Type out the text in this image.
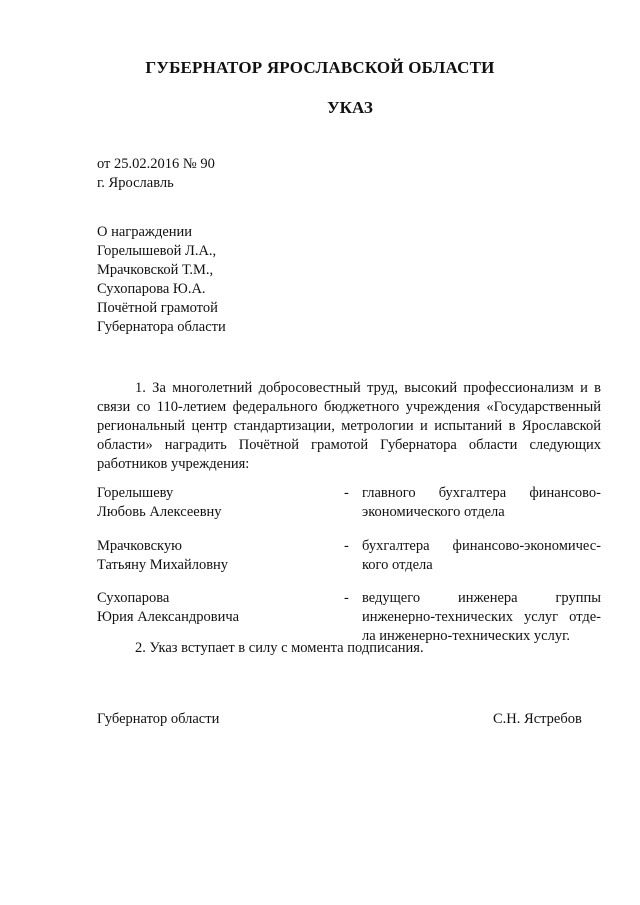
ГУБЕРНАТОР ЯРОСЛАВСКОЙ ОБЛАСТИ
УКАЗ
от 25.02.2016 № 90
г. Ярославль
О награждении
Горелышевой Л.А.,
Мрачковской Т.М.,
Сухопарова Ю.А.
Почётной грамотой
Губернатора области
1. За многолетний добросовестный труд, высокий профессионализм и в связи со 110-летием федерального бюджетного учреждения «Государственный региональный центр стандартизации, метрологии и испытаний в Ярославской области» наградить Почётной грамотой Губернатора области следующих работников учреждения:
Горелышеву
Любовь Алексеевну
- главного бухгалтера финансово-
экономического отдела
Мрачковскую
Татьяну Михайловну
- бухгалтера финансово-экономичес-
кого отдела
Сухопарова
Юрия Александровича
- ведущего инженера группы
инженерно-технических услуг отде-
ла инженерно-технических услуг.
2. Указ вступает в силу с момента подписания.
Губернатор области	С.Н. Ястребов
